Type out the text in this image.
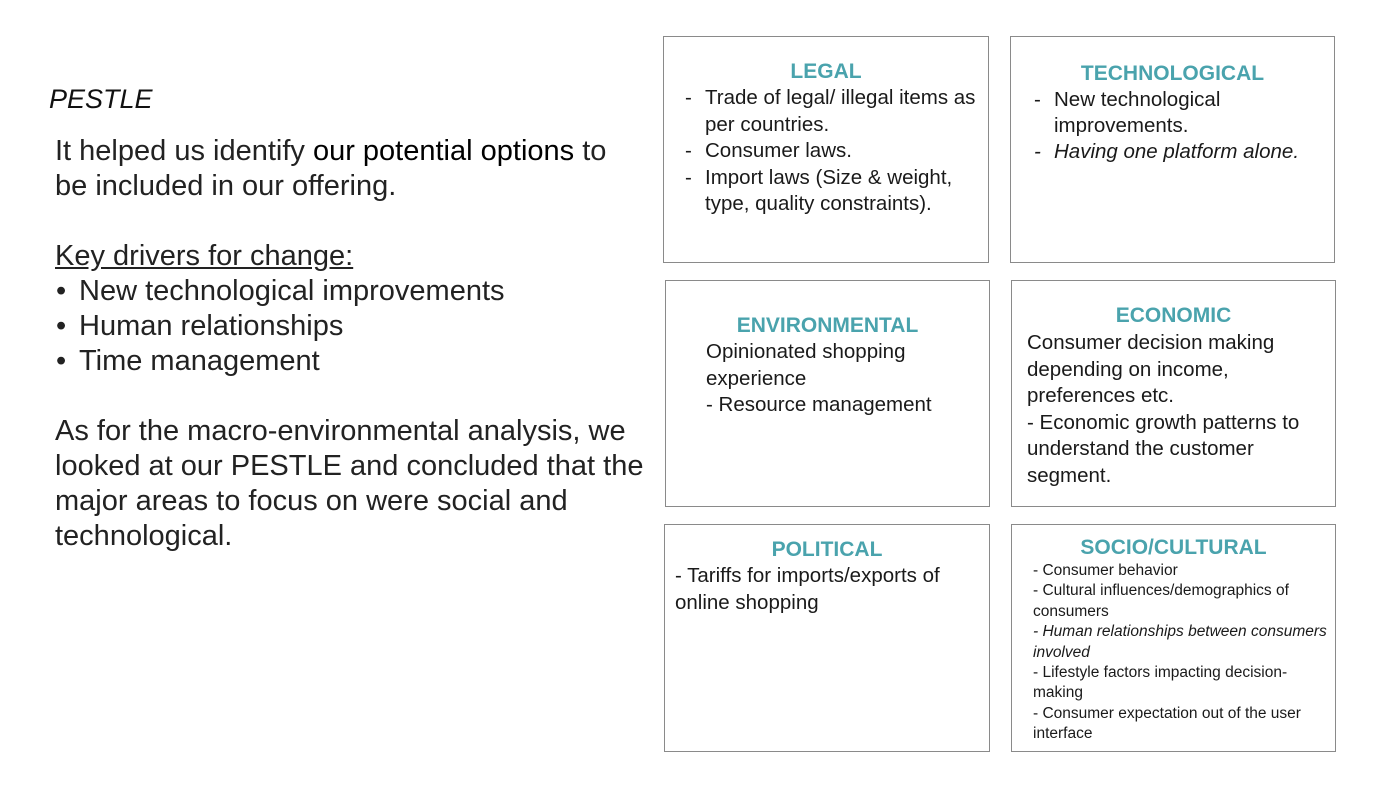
PESTLE

It helped us identify our potential options to be included in our offering.

Key drivers for change:

• New technological improvements
• Human relationships
• Time management

As for the macro-environmental analysis, we looked at our PESTLE and concluded that the major areas to focus on were social and technological.

LEGAL
- Trade of legal/ illegal items as per countries.
- Consumer laws.
- Import laws (Size & weight, type, quality constraints).
TECHNOLOGICAL
- New technological improvements.
- Having one platform alone.
ENVIRONMENTAL

Opinionated shopping experience

- Resource management

ECONOMIC

Consumer decision making depending on income, preferences etc.

- Economic growth patterns to understand the customer segment.

POLITICAL

- Tariffs for imports/exports of online shopping

SOCIO/CULTURAL

- Consumer behavior

- Cultural influences/demographics of consumers

- Human relationships between consumers involved

- Lifestyle factors impacting decision-making

- Consumer expectation out of the user interface
